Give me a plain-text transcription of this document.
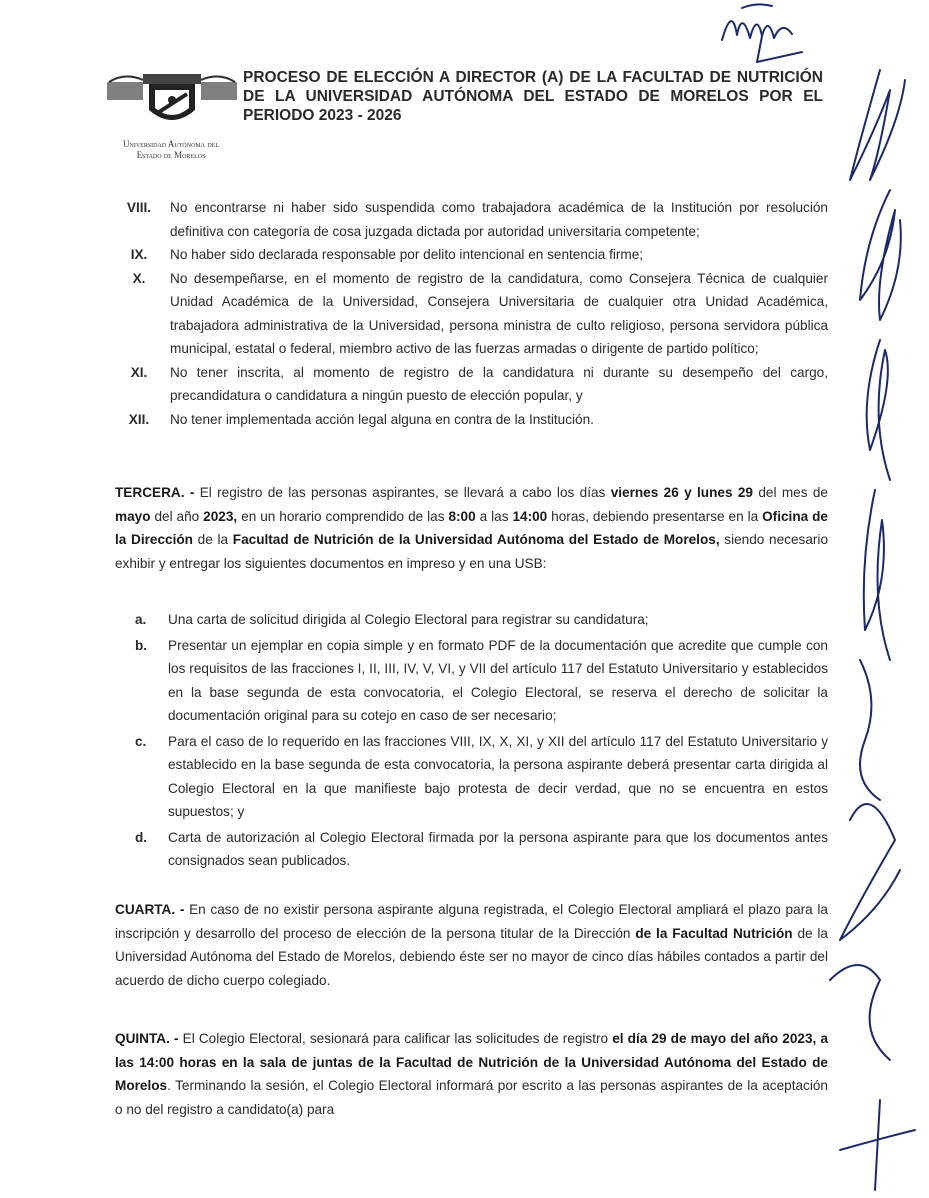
Universidad Autónoma del
Estado de Morelos
PROCESO DE ELECCIÓN A DIRECTOR (A) DE LA FACULTAD DE NUTRICIÓN DE LA UNIVERSIDAD AUTÓNOMA DEL ESTADO DE MORELOS POR EL PERIODO 2023 - 2026
VIII.	No encontrarse ni haber sido suspendida como trabajadora académica de la Institución por resolución definitiva con categoría de cosa juzgada dictada por autoridad universitaria competente;
IX.	No haber sido declarada responsable por delito intencional en sentencia firme;
X.	No desempeñarse, en el momento de registro de la candidatura, como Consejera Técnica de cualquier Unidad Académica de la Universidad, Consejera Universitaria de cualquier otra Unidad Académica, trabajadora administrativa de la Universidad, persona ministra de culto religioso, persona servidora pública municipal, estatal o federal, miembro activo de las fuerzas armadas o dirigente de partido político;
XI.	No tener inscrita, al momento de registro de la candidatura ni durante su desempeño del cargo, precandidatura o candidatura a ningún puesto de elección popular, y
XII.	No tener implementada acción legal alguna en contra de la Institución.
TERCERA. - El registro de las personas aspirantes, se llevará a cabo los días viernes 26 y lunes 29 del mes de mayo del año 2023, en un horario comprendido de las 8:00 a las 14:00 horas, debiendo presentarse en la Oficina de la Dirección de la Facultad de Nutrición de la Universidad Autónoma del Estado de Morelos, siendo necesario exhibir y entregar los siguientes documentos en impreso y en una USB:
a.	Una carta de solicitud dirigida al Colegio Electoral para registrar su candidatura;
b.	Presentar un ejemplar en copia simple y en formato PDF de la documentación que acredite que cumple con los requisitos de las fracciones I, II, III, IV, V, VI, y VII del artículo 117 del Estatuto Universitario y establecidos en la base segunda de esta convocatoria, el Colegio Electoral, se reserva el derecho de solicitar la documentación original para su cotejo en caso de ser necesario;
c.	Para el caso de lo requerido en las fracciones VIII, IX, X, XI, y XII del artículo 117 del Estatuto Universitario y establecido en la base segunda de esta convocatoria, la persona aspirante deberá presentar carta dirigida al Colegio Electoral en la que manifieste bajo protesta de decir verdad, que no se encuentra en estos supuestos; y
d.	Carta de autorización al Colegio Electoral firmada por la persona aspirante para que los documentos antes consignados sean publicados.
CUARTA. - En caso de no existir persona aspirante alguna registrada, el Colegio Electoral ampliará el plazo para la inscripción y desarrollo del proceso de elección de la persona titular de la Dirección de la Facultad Nutrición de la Universidad Autónoma del Estado de Morelos, debiendo éste ser no mayor de cinco días hábiles contados a partir del acuerdo de dicho cuerpo colegiado.
QUINTA. - El Colegio Electoral, sesionará para calificar las solicitudes de registro el día 29 de mayo del año 2023, a las 14:00 horas en la sala de juntas de la Facultad de Nutrición de la Universidad Autónoma del Estado de Morelos. Terminando la sesión, el Colegio Electoral informará por escrito a las personas aspirantes de la aceptación o no del registro a candidato(a) para
